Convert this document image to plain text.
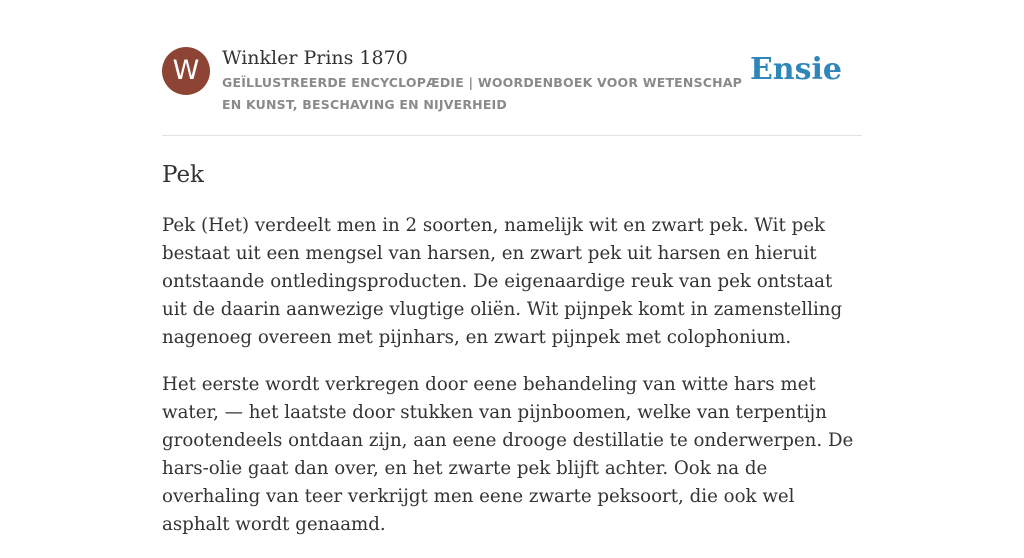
W	Winkler Prins 1870
GEÏLLUSTREERDE ENCYCLOPÆDIE | WOORDENBOEK VOOR WETENSCHAP EN KUNST, BESCHAVING EN NIJVERHEID
Ensie
Pek

Pek (Het) verdeelt men in 2 soorten, namelijk wit en zwart pek. Wit pek bestaat uit een mengsel van harsen, en zwart pek uit harsen en hieruit ontstaande ontledingsproducten. De eigenaardige reuk van pek ontstaat uit de daarin aanwezige vlugtige oliën. Wit pijnpek komt in zamenstelling nagenoeg overeen met pijnhars, en zwart pijnpek met colophonium.

Het eerste wordt verkregen door eene behandeling van witte hars met water, — het laatste door stukken van pijnboomen, welke van terpentijn grootendeels ontdaan zijn, aan eene drooge destillatie te onderwerpen. De hars-olie gaat dan over, en het zwarte pek blijft achter. Ook na de overhaling van teer verkrijgt men eene zwarte peksoort, die ook wel asphalt wordt genaamd.
